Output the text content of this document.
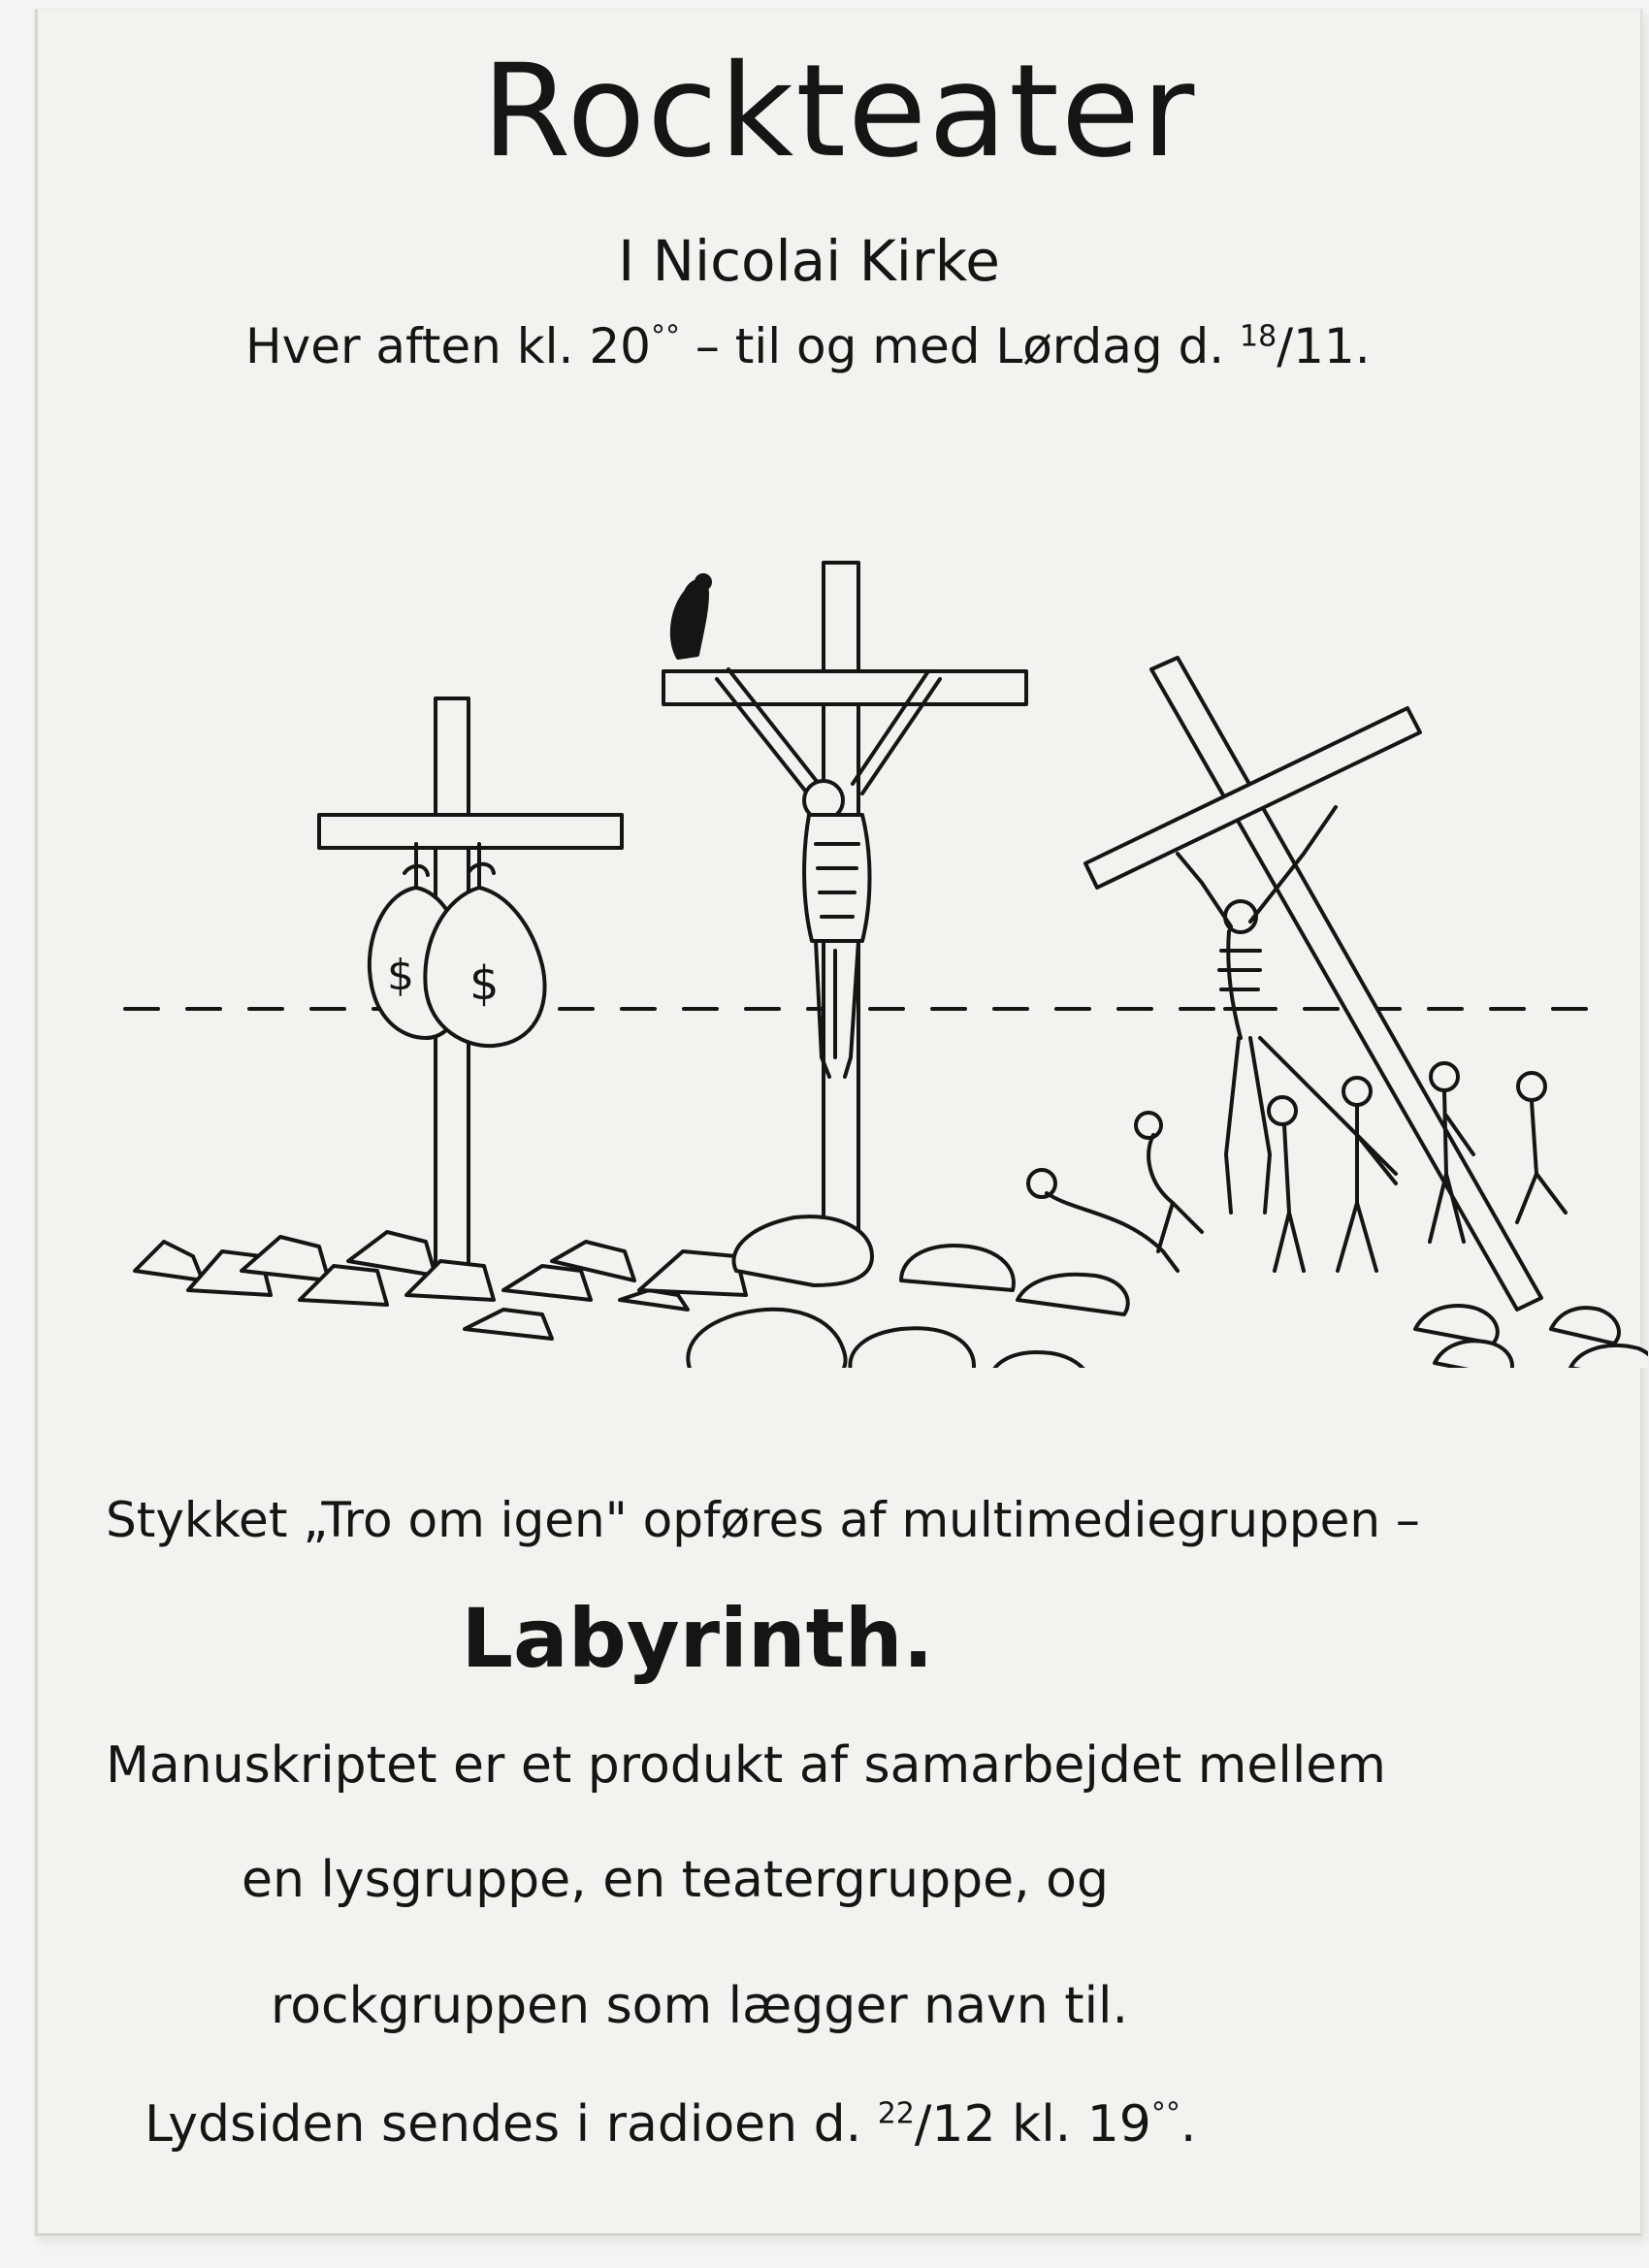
Rockteater
I Nicolai Kirke
Hver aften kl. 20°° – til og med Lørdag d. $^{18}$/11.
$ $
Stykket „Tro om igen" opføres af multimediegruppen –
Labyrinth.
Manuskriptet er et produkt af samarbejdet mellem
en lysgruppe, en teatergruppe, og
rockgruppen som lægger navn til.
Lydsiden sendes i radioen d. $^{22}$/12 kl. 19°°.
